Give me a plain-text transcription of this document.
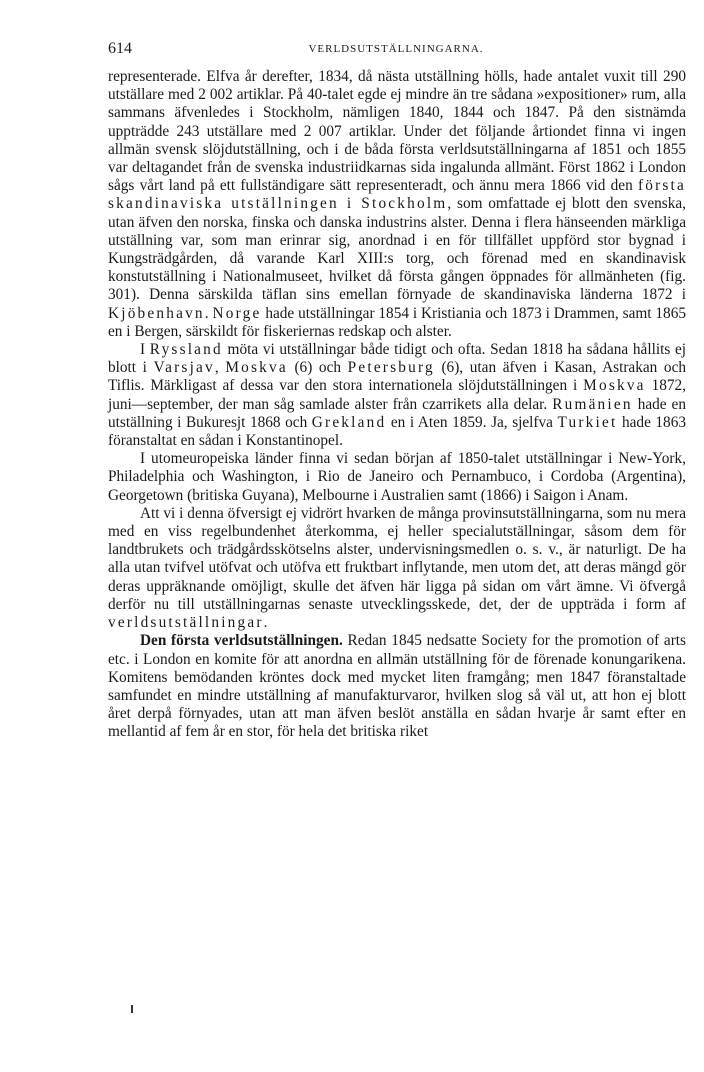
614	VERLDSUTSTÄLLNINGARNA.

representerade. Elfva år derefter, 1834, då nästa utställning hölls, hade antalet vuxit till 290 utställare med 2 002 artiklar. På 40-talet egde ej mindre än tre sådana »expositioner» rum, alla sammans äfvenledes i Stockholm, nämligen 1840, 1844 och 1847. På den sistnämda uppträdde 243 utställare med 2 007 artiklar. Under det följande årtiondet finna vi ingen allmän svensk slöjdutställning, och i de båda första verldsutställningarna af 1851 och 1855 var deltagandet från de svenska industriidkarnas sida ingalunda allmänt. Först 1862 i London sågs vårt land på ett fullständigare sätt representeradt, och ännu mera 1866 vid den första skandinaviska utställningen i Stockholm, som omfattade ej blott den svenska, utan äfven den norska, finska och danska industrins alster. Denna i flera hänseenden märkliga utställning var, som man erinrar sig, anordnad i en för tillfället uppförd stor bygnad i Kungsträdgården, då varande Karl XIII:s torg, och förenad med en skandinavisk konstutställning i Nationalmuseet, hvilket då första gången öppnades för allmänheten (fig. 301). Denna särskilda täflan sins emellan förnyade de skandinaviska länderna 1872 i Kjöbenhavn. Norge hade utställningar 1854 i Kristiania och 1873 i Drammen, samt 1865 en i Bergen, särskildt för fiskeriernas redskap och alster.

I Ryssland möta vi utställningar både tidigt och ofta. Sedan 1818 ha sådana hållits ej blott i Varsjav, Moskva (6) och Petersburg (6), utan äfven i Kasan, Astrakan och Tiflis. Märkligast af dessa var den stora internationela slöjdutställningen i Moskva 1872, juni—september, der man såg samlade alster från czarrikets alla delar. Rumänien hade en utställning i Bukuresjt 1868 och Grekland en i Aten 1859. Ja, sjelfva Turkiet hade 1863 föranstaltat en sådan i Konstantinopel.

I utomeuropeiska länder finna vi sedan början af 1850-talet utställningar i New-York, Philadelphia och Washington, i Rio de Janeiro och Pernambuco, i Cordoba (Argentina), Georgetown (britiska Guyana), Melbourne i Australien samt (1866) i Saigon i Anam.

Att vi i denna öfversigt ej vidrört hvarken de många provinsutställningarna, som nu mera med en viss regelbundenhet återkomma, ej heller specialutställningar, såsom dem för landtbrukets och trädgårdsskötselns alster, undervisningsmedlen o. s. v., är naturligt. De ha alla utan tvifvel utöfvat och utöfva ett fruktbart inflytande, men utom det, att deras mängd gör deras uppräknande omöjligt, skulle det äfven här ligga på sidan om vårt ämne. Vi öfvergå derför nu till utställningarnas senaste utvecklingsskede, det, der de uppträda i form af verldsutställningar.

Den första verldsutställningen. Redan 1845 nedsatte Society for the promotion of arts etc. i London en komite för att anordna en allmän utställning för de förenade konungarikena. Komitens bemödanden kröntes dock med mycket liten framgång; men 1847 föranstaltade samfundet en mindre utställning af manufakturvaror, hvilken slog så väl ut, att hon ej blott året derpå förnyades, utan att man äfven beslöt anställa en sådan hvarje år samt efter en mellantid af fem år en stor, för hela det britiska riket
